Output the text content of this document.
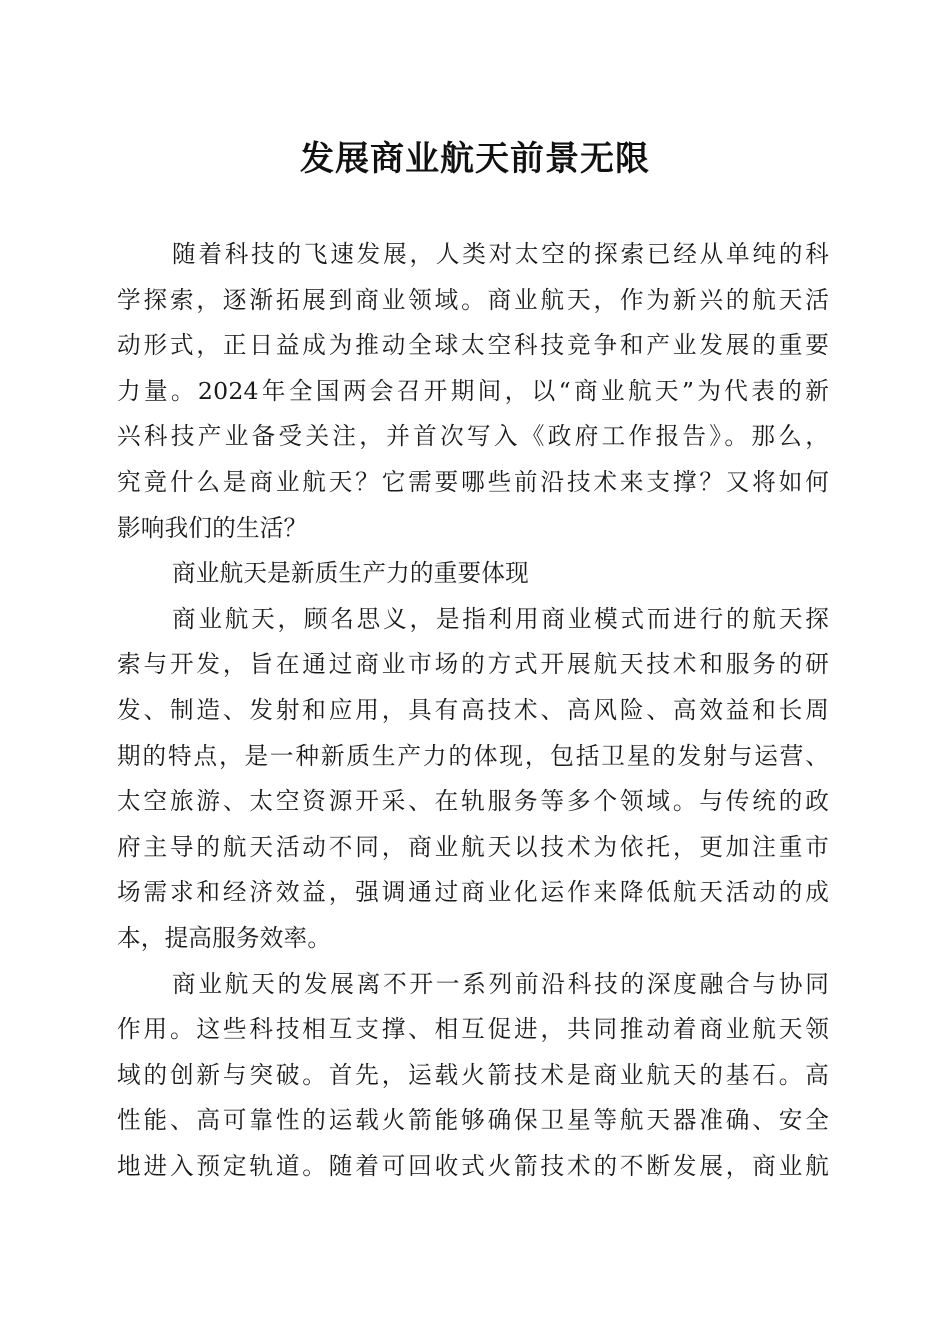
发展商业航天前景无限
随着科技的飞速发展，人类对太空的探索已经从单纯的科
学探索，逐渐拓展到商业领域。商业航天，作为新兴的航天活
动形式，正日益成为推动全球太空科技竞争和产业发展的重要
力量。2024年全国两会召开期间，以“商业航天”为代表的新
兴科技产业备受关注，并首次写入《政府工作报告》。那么，
究竟什么是商业航天？它需要哪些前沿技术来支撑？又将如何
影响我们的生活？
商业航天是新质生产力的重要体现
商业航天，顾名思义，是指利用商业模式而进行的航天探
索与开发，旨在通过商业市场的方式开展航天技术和服务的研
发、制造、发射和应用，具有高技术、高风险、高效益和长周
期的特点，是一种新质生产力的体现，包括卫星的发射与运营、
太空旅游、太空资源开采、在轨服务等多个领域。与传统的政
府主导的航天活动不同，商业航天以技术为依托，更加注重市
场需求和经济效益，强调通过商业化运作来降低航天活动的成
本，提高服务效率。
商业航天的发展离不开一系列前沿科技的深度融合与协同
作用。这些科技相互支撑、相互促进，共同推动着商业航天领
域的创新与突破。首先，运载火箭技术是商业航天的基石。高
性能、高可靠性的运载火箭能够确保卫星等航天器准确、安全
地进入预定轨道。随着可回收式火箭技术的不断发展，商业航
